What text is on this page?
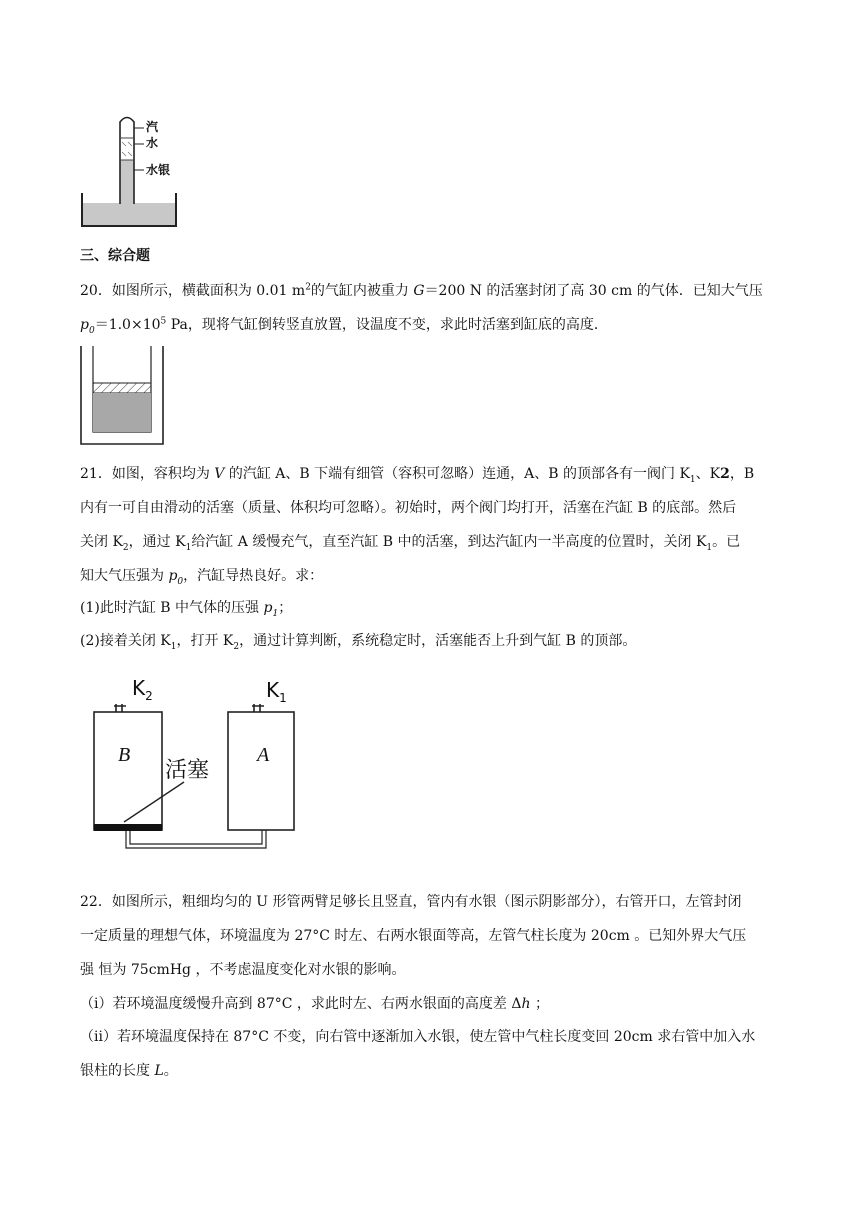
汽
水
水银
三、综合题
20．如图所示，横截面积为 0.01 $m^2$的气缸内被重力 G＝200 N 的活塞封闭了高 30 cm 的气体．已知大气压
$p_0=1.0\times 10^5$ Pa，现将气缸倒转竖直放置，设温度不变，求此时活塞到缸底的高度．
21．如图，容积均为 V 的汽缸 A、B 下端有细管（容积可忽略）连通，A、B 的顶部各有一阀门 $K_1$、K2，B
内有一可自由滑动的活塞（质量、体积均可忽略）。初始时，两个阀门均打开，活塞在汽缸 B 的底部。然后
关闭 $K_2$，通过 $K_1$给汽缸 A 缓慢充气，直至汽缸 B 中的活塞，到达汽缸内一半高度的位置时，关闭 $K_1$。已
知大气压强为 $p_0$，汽缸导热良好。求：
(1)此时汽缸 B 中气体的压强 $p_1$；
(2)接着关闭 $K_1$，打开 $K_2$，通过计算判断，系统稳定时，活塞能否上升到气缸 B 的顶部。
$K_2$	$K_1$
B	A
活塞
22．如图所示，粗细均匀的 U 形管两臂足够长且竖直，管内有水银（图示阴影部分），右管开口，左管封闭
一定质量的理想气体，环境温度为 27°C 时左、右两水银面等高，左管气柱长度为 20cm 。已知外界大气压
强 恒为 75cmHg ，不考虑温度变化对水银的影响。
（i）若环境温度缓慢升高到 87°C ，求此时左、右两水银面的高度差 Δh ；
（ii）若环境温度保持在 87°C 不变，向右管中逐渐加入水银，使左管中气柱长度变回 20cm 求右管中加入水
银柱的长度 L。
